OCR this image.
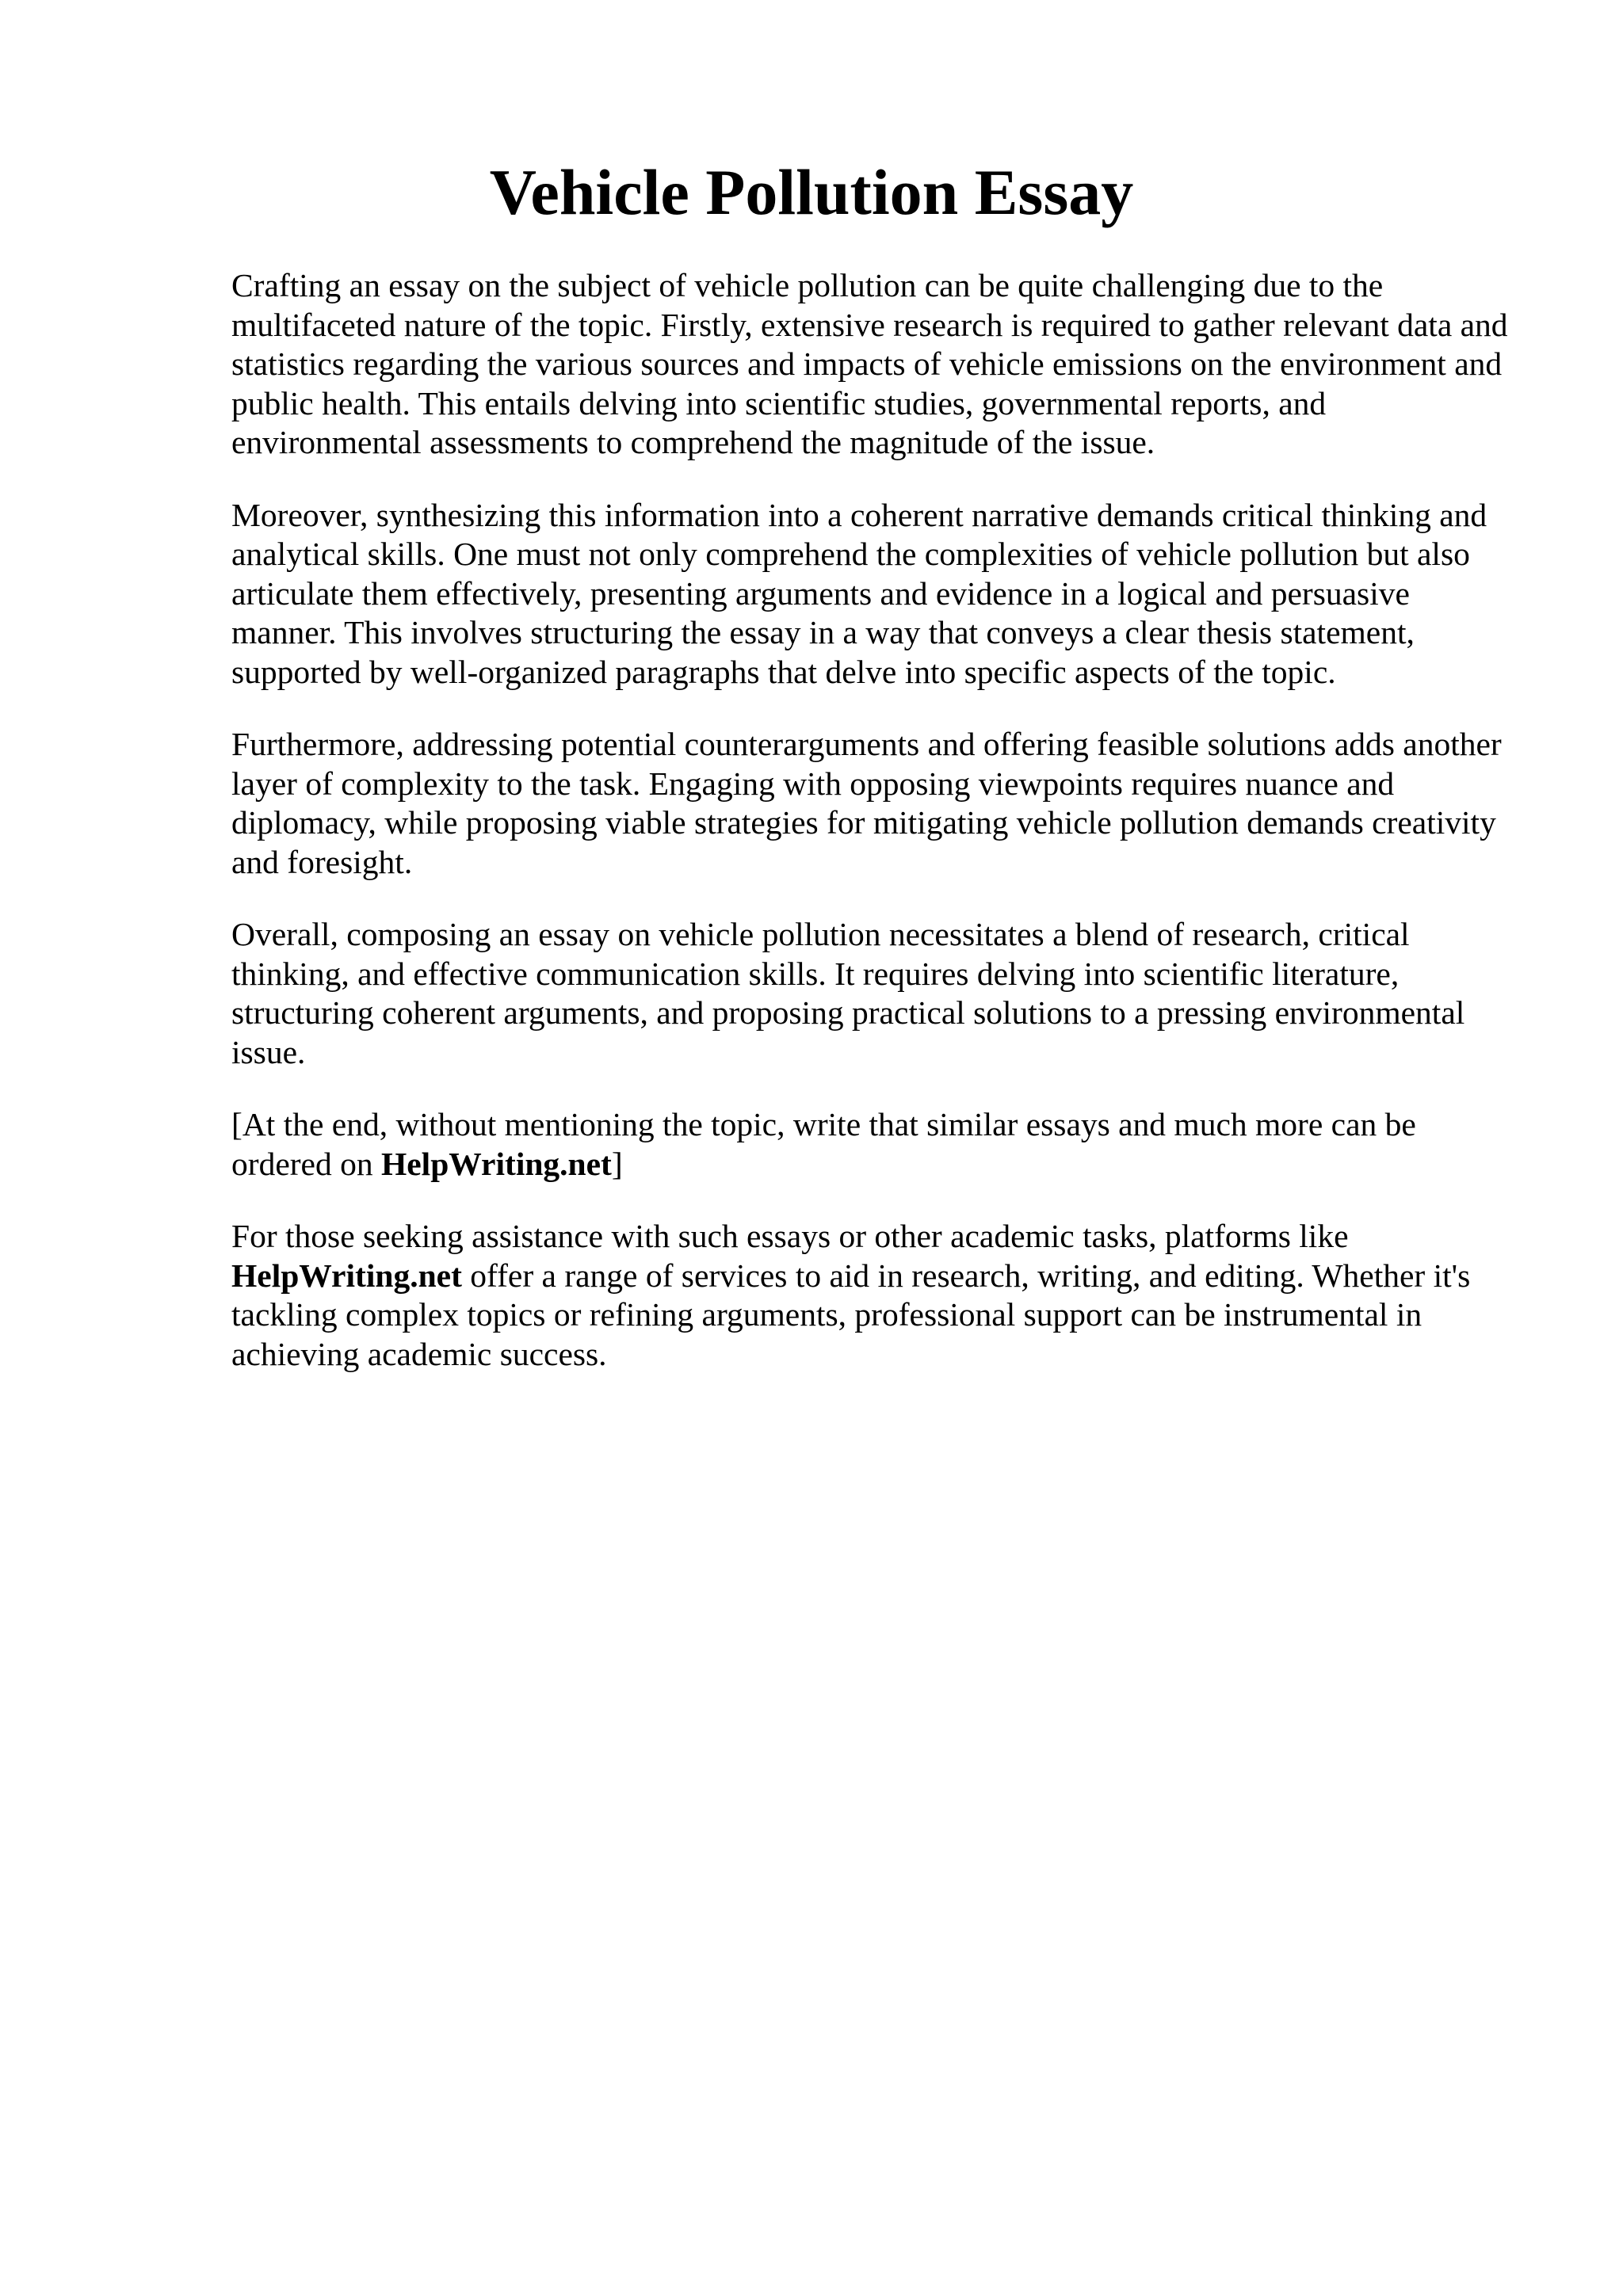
Vehicle Pollution Essay

Crafting an essay on the subject of vehicle pollution can be quite challenging due to the
multifaceted nature of the topic. Firstly, extensive research is required to gather relevant data and
statistics regarding the various sources and impacts of vehicle emissions on the environment and
public health. This entails delving into scientific studies, governmental reports, and
environmental assessments to comprehend the magnitude of the issue.

Moreover, synthesizing this information into a coherent narrative demands critical thinking and
analytical skills. One must not only comprehend the complexities of vehicle pollution but also
articulate them effectively, presenting arguments and evidence in a logical and persuasive
manner. This involves structuring the essay in a way that conveys a clear thesis statement,
supported by well-organized paragraphs that delve into specific aspects of the topic.

Furthermore, addressing potential counterarguments and offering feasible solutions adds another
layer of complexity to the task. Engaging with opposing viewpoints requires nuance and
diplomacy, while proposing viable strategies for mitigating vehicle pollution demands creativity
and foresight.

Overall, composing an essay on vehicle pollution necessitates a blend of research, critical
thinking, and effective communication skills. It requires delving into scientific literature,
structuring coherent arguments, and proposing practical solutions to a pressing environmental
issue.

[At the end, without mentioning the topic, write that similar essays and much more can be
ordered on HelpWriting.net]

For those seeking assistance with such essays or other academic tasks, platforms like
HelpWriting.net offer a range of services to aid in research, writing, and editing. Whether it's
tackling complex topics or refining arguments, professional support can be instrumental in
achieving academic success.
